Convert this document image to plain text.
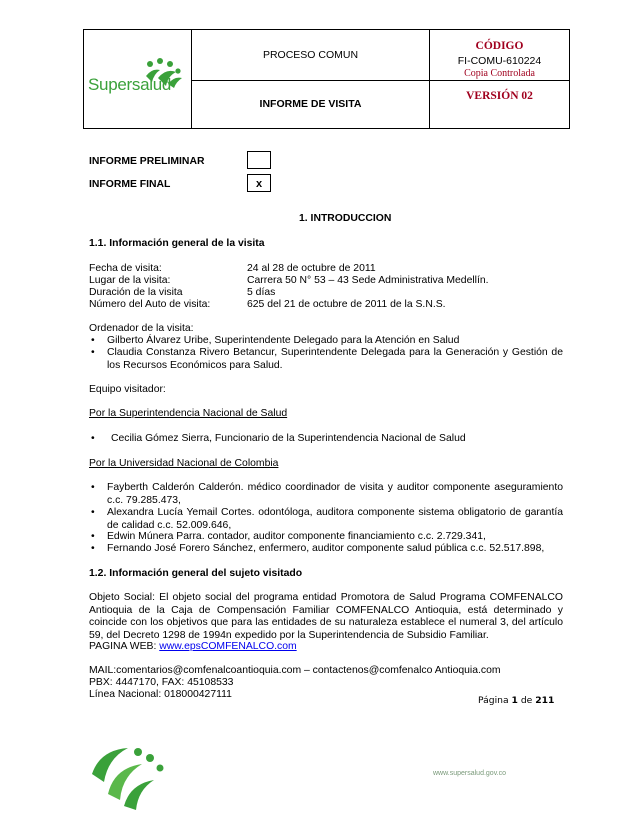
Supersalud
PROCESO COMUN
INFORME DE VISITA
CÓDIGO
FI-COMU-610224
Copia Controlada
VERSIÓN 02
INFORME PRELIMINAR
INFORME FINAL	x
1. INTRODUCCION
1.1. Información general de la visita
Fecha de visita:	24 al 28 de octubre de 2011
Lugar de la visita:	Carrera 50 N° 53 – 43 Sede Administrativa Medellín.
Duración de la visita	5 días
Número del Auto de visita:	625 del 21 de octubre de 2011 de la S.N.S.
Ordenador de la visita:
• Gilberto Álvarez Uribe, Superintendente Delegado para la Atención en Salud
• Claudia Constanza Rivero Betancur, Superintendente Delegada para la Generación y Gestión de los Recursos Económicos para Salud.
Equipo visitador:
Por la Superintendencia Nacional de Salud
• Cecilia Gómez Sierra, Funcionario de la Superintendencia Nacional de Salud
Por la Universidad Nacional de Colombia
• Fayberth Calderón Calderón. médico coordinador de visita y auditor componente aseguramiento c.c. 79.285.473,
• Alexandra Lucía Yemail Cortes. odontóloga, auditora componente sistema obligatorio de garantía de calidad c.c. 52.009.646,
• Edwin Múnera Parra. contador, auditor componente financiamiento c.c. 2.729.341,
• Fernando José Forero Sánchez, enfermero, auditor componente salud pública c.c. 52.517.898,
1.2. Información general del sujeto visitado
Objeto Social: El objeto social del programa entidad Promotora de Salud Programa COMFENALCO Antioquia de la Caja de Compensación Familiar COMFENALCO Antioquia, está determinado y coincide con los objetivos que para las entidades de su naturaleza establece el numeral 3, del artículo 59, del Decreto 1298 de 1994n expedido por la Superintendencia de Subsidio Familiar.
PAGINA WEB: www.epsCOMFENALCO.com
MAIL:comentarios@comfenalcoantioquia.com – contactenos@comfenalco Antioquia.com
PBX: 4447170, FAX: 45108533
Línea Nacional: 018000427111
Página 1 de 211
www.supersalud.gov.co
